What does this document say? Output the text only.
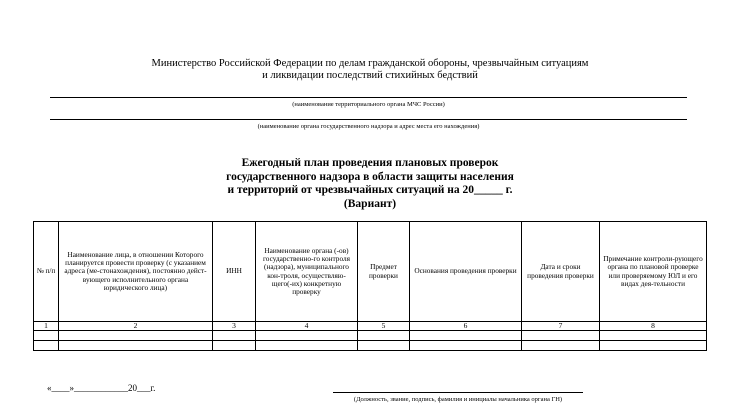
Министерство Российской Федерации по делам гражданской обороны, чрезвычайным ситуациям
и ликвидации последствий стихийных бедствий
(наименование территориального органа МЧС России)
(наименование органа государственного надзора и адрес места его нахождения)
Ежегодный план проведения плановых проверок
государственного надзора в области защиты населения
и территорий от чрезвычайных ситуаций на 20_____ г.
(Вариант)
№ п/п	Наименование лица, в отношении Которого планируется провести проверку (с указанием адреса (ме-стонахождения), постоянно дейст-вующего исполнительного органа юридического лица)	ИНН	Наименование органа (-ов) государственно-го контроля (надзора), муниципального кон-троля, осуществляю-щего(-их) конкретную проверку	Предмет проверки	Основания проведения проверки	Дата и сроки проведения проверки	Примечание контроли-рующего органа по плановой проверке или проверяемому ЮЛ и его видах дея-тельности
1	2	3	4	5	6	7	8

«____»____________20___г.
(Должность, звание, подпись, фамилия и инициалы начальника органа ГН)
